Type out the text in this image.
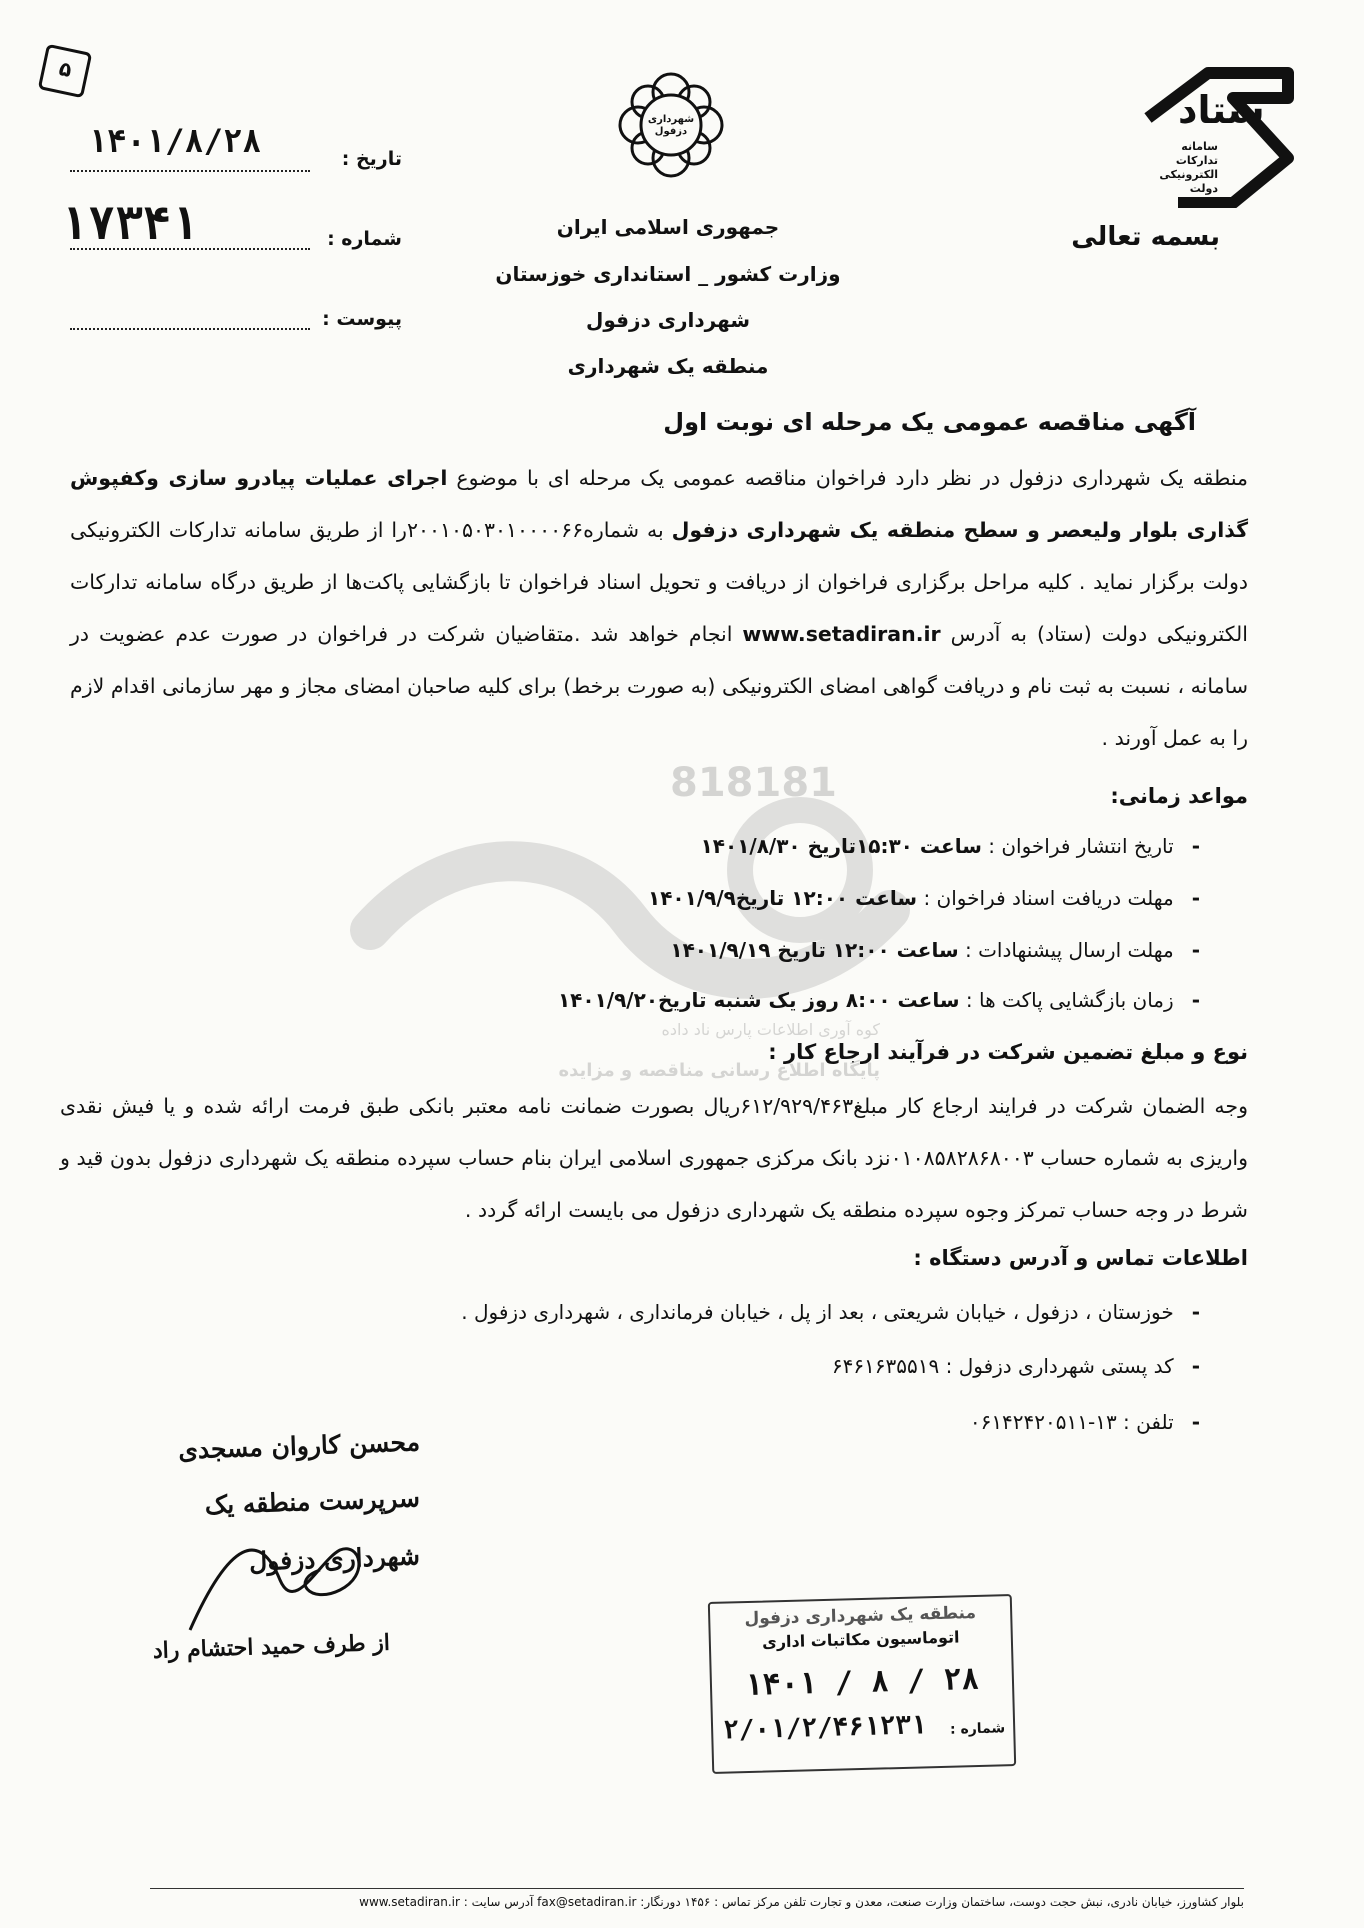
۵
شهرداری دزفول	ستاد
سامانه تدارکات الکترونیکی دولت
بسمه تعالی
جمهوری اسلامی ایران
وزارت کشور _ استانداری خوزستان
شهرداری دزفول
منطقه یک شهرداری
تاریخ :
۱۴۰۱/۸/۲۸
شماره :
۱۷۳۴۱
پیوست :
آگهی مناقصه عمومی یک مرحله ای نوبت اول
منطقه یک شهرداری دزفول در نظر دارد فراخوان مناقصه عمومی یک مرحله ای با موضوع اجرای عملیات پیادرو سازی وکفپوش گذاری بلوار ولیعصر و سطح منطقه یک شهرداری دزفول به شماره۲۰۰۱۰۵۰۳۰۱۰۰۰۰۶۶را از طریق سامانه تدارکات الکترونیکی دولت برگزار نماید . کلیه مراحل برگزاری فراخوان از دریافت و تحویل اسناد فراخوان تا بازگشایی پاکت‌ها از طریق درگاه سامانه تدارکات الکترونیکی دولت (ستاد) به آدرس www.setadiran.ir انجام خواهد شد .متقاضیان شرکت در فراخوان در صورت عدم عضویت در سامانه ، نسبت به ثبت نام و دریافت گواهی امضای الکترونیکی (به صورت برخط) برای کلیه صاحبان امضای مجاز و مهر سازمانی اقدام لازم را به عمل آورند .
818181
پایگاه اطلاع رسانی مناقصه و مزایده
کوه آوری اطلاعات پارس ناد داده
مواعد زمانی:
-تاریخ انتشار فراخوان : ساعت ۱۵:۳۰تاریخ ۱۴۰۱/۸/۳۰
-مهلت دریافت اسناد فراخوان : ساعت ۱۲:۰۰ تاریخ۱۴۰۱/۹/۹
-مهلت ارسال پیشنهادات : ساعت ۱۲:۰۰ تاریخ ۱۴۰۱/۹/۱۹
-زمان بازگشایی پاکت ها : ساعت ۸:۰۰ روز یک شنبه تاریخ۱۴۰۱/۹/۲۰
نوع و مبلغ تضمین شرکت در فرآیند ارجاع کار :
وجه الضمان شرکت در فرایند ارجاع کار مبلغ۶۱۲/۹۲۹/۴۶۳ریال بصورت ضمانت نامه معتبر بانکی طبق فرمت ارائه شده و یا فیش نقدی واریزی به شماره حساب ۰۱۰۸۵۸۲۸۶۸۰۰۳نزد بانک مرکزی جمهوری اسلامی ایران بنام حساب سپرده منطقه یک شهرداری دزفول بدون قید و شرط در وجه حساب تمرکز وجوه سپرده منطقه یک شهرداری دزفول می بایست ارائه گردد .
اطلاعات تماس و آدرس دستگاه :
-خوزستان ، دزفول ، خیابان شریعتی ، بعد از پل ، خیابان فرمانداری ، شهرداری دزفول .
-کد پستی شهرداری دزفول : ۶۴۶۱۶۳۵۵۱۹
-تلفن : ۱۳-۰۶۱۴۲۴۲۰۵۱۱
محسن کاروان مسجدی
سرپرست منطقه یک
شهرداری دزفول
از طرف حمید احتشام راد
منطقه یک شهرداری دزفول
اتوماسیون مکاتبات اداری
۱۴۰۱ / ۸ / ۲۸
شماره :
۲/۰۱/۲/۴۶۱۲۳۱
بلوار کشاورز، خیابان نادری، نبش حجت دوست، ساختمان وزارت صنعت، معدن و تجارت تلفن مرکز تماس : ۱۴۵۶ دورنگار: fax@setadiran.ir آدرس سایت : www.setadiran.ir
